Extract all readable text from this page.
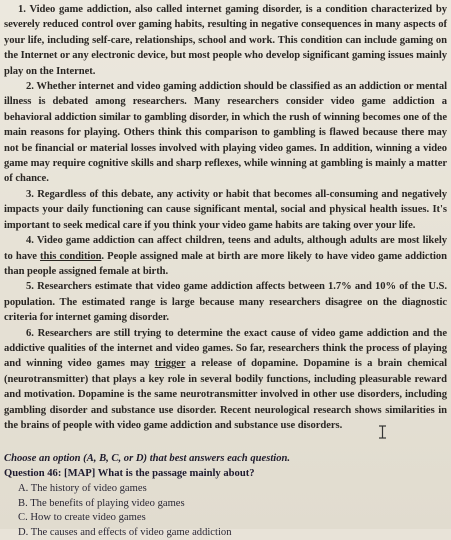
1. Video game addiction, also called internet gaming disorder, is a condition characterized by severely reduced control over gaming habits, resulting in negative consequences in many aspects of your life, including self-care, relationships, school and work. This condition can include gaming on the Internet or any electronic device, but most people who develop significant gaming issues mainly play on the Internet.

2. Whether internet and video gaming addiction should be classified as an addiction or mental illness is debated among researchers. Many researchers consider video game addiction a behavioral addiction similar to gambling disorder, in which the rush of winning becomes one of the main reasons for playing. Others think this comparison to gambling is flawed because there may not be financial or material losses involved with playing video games. In addition, winning a video game may require cognitive skills and sharp reflexes, while winning at gambling is mainly a matter of chance.

3. Regardless of this debate, any activity or habit that becomes all-consuming and negatively impacts your daily functioning can cause significant mental, social and physical health issues. It's important to seek medical care if you think your video game habits are taking over your life.

4. Video game addiction can affect children, teens and adults, although adults are most likely to have this condition. People assigned male at birth are more likely to have video game addiction than people assigned female at birth.

5. Researchers estimate that video game addiction affects between 1.7% and 10% of the U.S. population. The estimated range is large because many researchers disagree on the diagnostic criteria for internet gaming disorder.

6. Researchers are still trying to determine the exact cause of video game addiction and the addictive qualities of the internet and video games. So far, researchers think the process of playing and winning video games may trigger a release of dopamine. Dopamine is a brain chemical (neurotransmitter) that plays a key role in several bodily functions, including pleasurable reward and motivation. Dopamine is the same neurotransmitter involved in other use disorders, including gambling disorder and substance use disorder. Recent neurological research shows similarities in the brains of people with video game addiction and substance use disorders.

Choose an option (A, B, C, or D) that best answers each question.

Question 46: [MAP] What is the passage mainly about?

A. The history of video games
B. The benefits of playing video games
C. How to create video games
D. The causes and effects of video game addiction
